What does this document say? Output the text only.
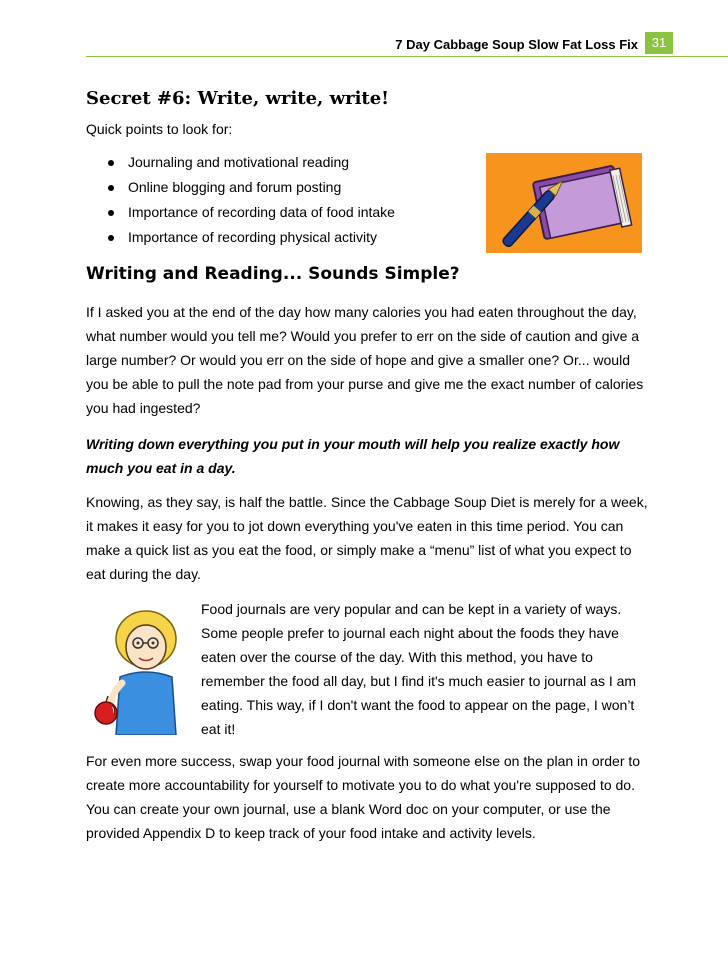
7 Day Cabbage Soup Slow Fat Loss Fix	31
Secret #6: Write, write, write!
Quick points to look for:
Journaling and motivational reading
Online blogging and forum posting
Importance of recording data of food intake
Importance of recording physical activity
Writing and Reading... Sounds Simple?

If I asked you at the end of the day how many calories you had eaten throughout the day, what number would you tell me? Would you prefer to err on the side of caution and give a large number? Or would you err on the side of hope and give a smaller one? Or... would you be able to pull the note pad from your purse and give me the exact number of calories you had ingested?

Writing down everything you put in your mouth will help you realize exactly how much you eat in a day.

Knowing, as they say, is half the battle. Since the Cabbage Soup Diet is merely for a week, it makes it easy for you to jot down everything you've eaten in this time period. You can make a quick list as you eat the food, or simply make a “menu” list of what you expect to eat during the day.

Food journals are very popular and can be kept in a variety of ways. Some people prefer to journal each night about the foods they have eaten over the course of the day. With this method, you have to remember the food all day, but I find it's much easier to journal as I am eating. This way, if I don't want the food to appear on the page, I won’t eat it!

For even more success, swap your food journal with someone else on the plan in order to create more accountability for yourself to motivate you to do what you're supposed to do. You can create your own journal, use a blank Word doc on your computer, or use the provided Appendix D to keep track of your food intake and activity levels.
